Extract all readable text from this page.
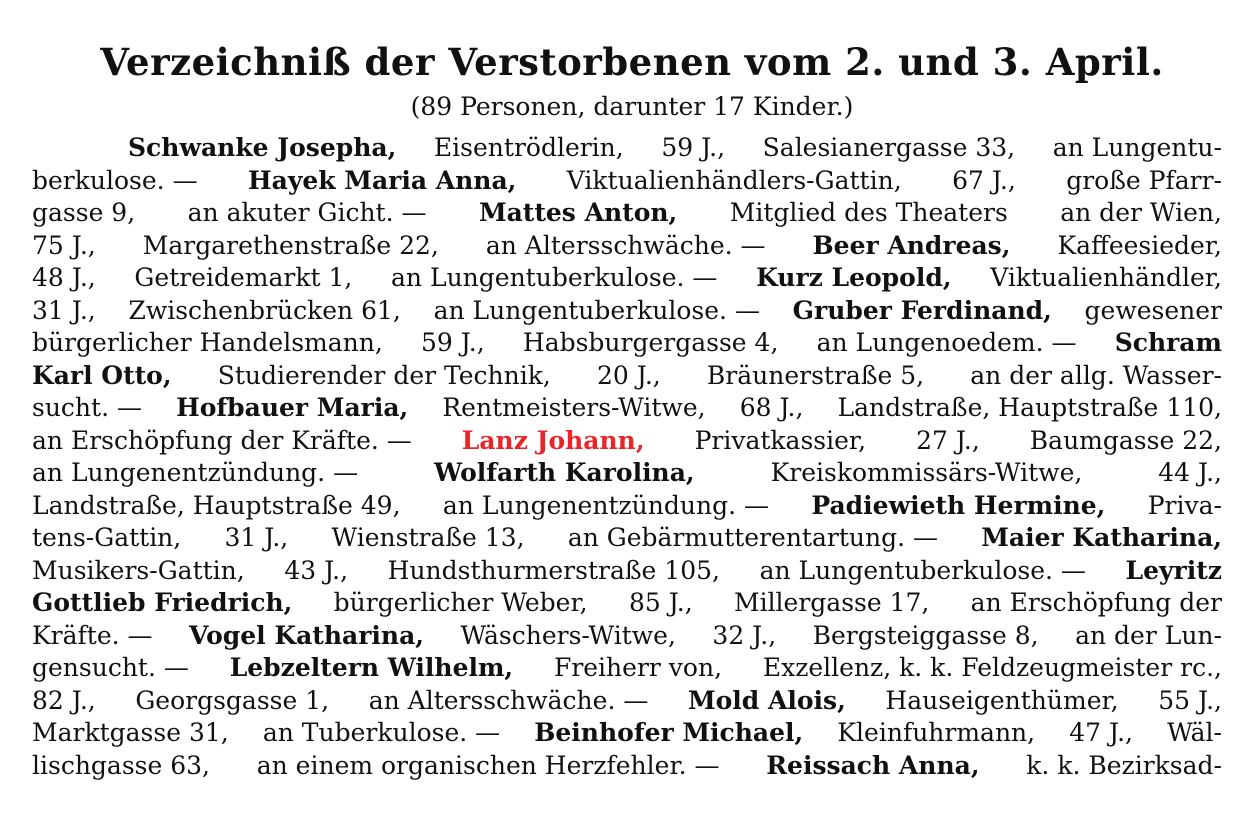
Verzeichniß der Verstorbenen vom 2. und 3. April.
(89 Personen, darunter 17 Kinder.)
Schwanke Josepha, Eisentrödlerin, 59 J., Salesianergasse 33, an Lungentu-
berkulose. — Hayek Maria Anna, Viktualienhändlers-Gattin, 67 J., große Pfarr-
gasse 9, an akuter Gicht. — Mattes Anton, Mitglied des Theaters an der Wien,
75 J., Margarethenstraße 22, an Altersschwäche. — Beer Andreas, Kaffeesieder,
48 J., Getreidemarkt 1, an Lungentuberkulose. — Kurz Leopold, Viktualienhändler,
31 J., Zwischenbrücken 61, an Lungentuberkulose. — Gruber Ferdinand, gewesener
bürgerlicher Handelsmann, 59 J., Habsburgergasse 4, an Lungenoedem. — Schram
Karl Otto, Studierender der Technik, 20 J., Bräunerstraße 5, an der allg. Wasser-
sucht. — Hofbauer Maria, Rentmeisters-Witwe, 68 J., Landstraße, Hauptstraße 110,
an Erschöpfung der Kräfte. — Lanz Johann, Privatkassier, 27 J., Baumgasse 22,
an Lungenentzündung. —	Wolfarth Karolina,	Kreiskommissärs-Witwe,	44 J.,
Landstraße, Hauptstraße 49, an Lungenentzündung. — Padiewieth Hermine, Priva-
tens-Gattin, 31 J., Wienstraße 13, an Gebärmutterentartung. — Maier Katharina,
Musikers-Gattin, 43 J., Hundsthurmerstraße 105, an Lungentuberkulose. — Leyritz
Gottlieb Friedrich, bürgerlicher Weber, 85 J., Millergasse 17, an Erschöpfung der
Kräfte. — Vogel Katharina, Wäschers-Witwe, 32 J., Bergsteiggasse 8, an der Lun-
gensucht. — Lebzeltern Wilhelm, Freiherr von, Exzellenz, k. k. Feldzeugmeister rc.,
82 J., Georgsgasse 1, an Altersschwäche. — Mold Alois, Hauseigenthümer, 55 J.,
Marktgasse 31, an Tuberkulose. — Beinhofer Michael, Kleinfuhrmann, 47 J., Wäl-
lischgasse 63, an einem organischen Herzfehler. — Reissach Anna, k. k. Bezirksad-
